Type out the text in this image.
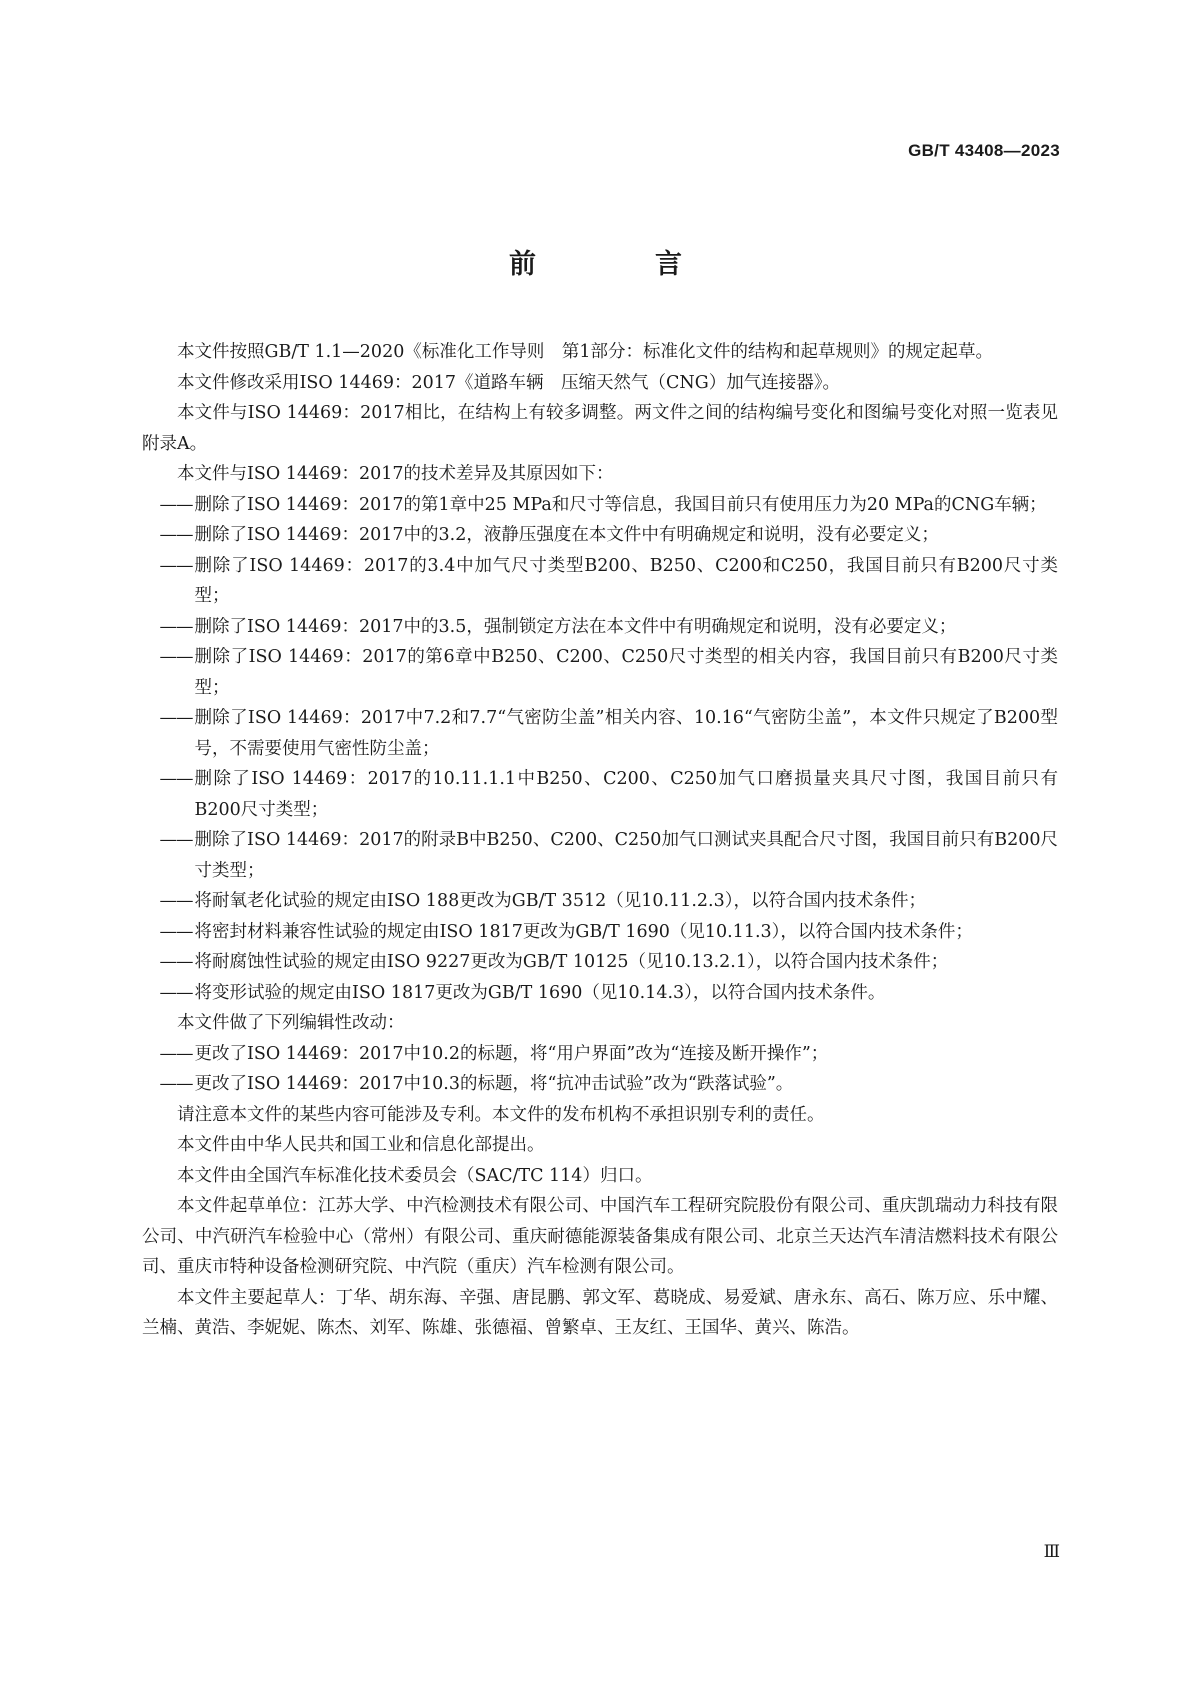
GB/T 43408—2023
前　言

本文件按照GB/T 1.1—2020《标准化工作导则　第1部分：标准化文件的结构和起草规则》的规定起草。

本文件修改采用ISO 14469：2017《道路车辆　压缩天然气（CNG）加气连接器》。

本文件与ISO 14469：2017相比，在结构上有较多调整。两文件之间的结构编号变化和图编号变化对照一览表见附录A。

本文件与ISO 14469：2017的技术差异及其原因如下：

—— 删除了ISO 14469：2017的第1章中25 MPa和尺寸等信息，我国目前只有使用压力为20 MPa的CNG车辆；

—— 删除了ISO 14469：2017中的3.2，液静压强度在本文件中有明确规定和说明，没有必要定义；

—— 删除了ISO 14469：2017的3.4中加气尺寸类型B200、B250、C200和C250，我国目前只有B200尺寸类型；

—— 删除了ISO 14469：2017中的3.5，强制锁定方法在本文件中有明确规定和说明，没有必要定义；

—— 删除了ISO 14469：2017的第6章中B250、C200、C250尺寸类型的相关内容，我国目前只有B200尺寸类型；

—— 删除了ISO 14469：2017中7.2和7.7“气密防尘盖”相关内容、10.16“气密防尘盖”，本文件只规定了B200型号，不需要使用气密性防尘盖；

—— 删除了ISO 14469：2017的10.11.1.1中B250、C200、C250加气口磨损量夹具尺寸图，我国目前只有B200尺寸类型；

—— 删除了ISO 14469：2017的附录B中B250、C200、C250加气口测试夹具配合尺寸图，我国目前只有B200尺寸类型；

—— 将耐氧老化试验的规定由ISO 188更改为GB/T 3512（见10.11.2.3），以符合国内技术条件；

—— 将密封材料兼容性试验的规定由ISO 1817更改为GB/T 1690（见10.11.3），以符合国内技术条件；

—— 将耐腐蚀性试验的规定由ISO 9227更改为GB/T 10125（见10.13.2.1），以符合国内技术条件；

—— 将变形试验的规定由ISO 1817更改为GB/T 1690（见10.14.3），以符合国内技术条件。

本文件做了下列编辑性改动：

—— 更改了ISO 14469：2017中10.2的标题，将“用户界面”改为“连接及断开操作”；

—— 更改了ISO 14469：2017中10.3的标题，将“抗冲击试验”改为“跌落试验”。

请注意本文件的某些内容可能涉及专利。本文件的发布机构不承担识别专利的责任。

本文件由中华人民共和国工业和信息化部提出。

本文件由全国汽车标准化技术委员会（SAC/TC 114）归口。

本文件起草单位：江苏大学、中汽检测技术有限公司、中国汽车工程研究院股份有限公司、重庆凯瑞动力科技有限公司、中汽研汽车检验中心（常州）有限公司、重庆耐德能源装备集成有限公司、北京兰天达汽车清洁燃料技术有限公司、重庆市特种设备检测研究院、中汽院（重庆）汽车检测有限公司。

本文件主要起草人：丁华、胡东海、辛强、唐昆鹏、郭文军、葛晓成、易爱斌、唐永东、高石、陈万应、乐中耀、兰楠、黄浩、李妮妮、陈杰、刘军、陈雄、张德福、曾繁卓、王友红、王国华、黄兴、陈浩。

Ⅲ
